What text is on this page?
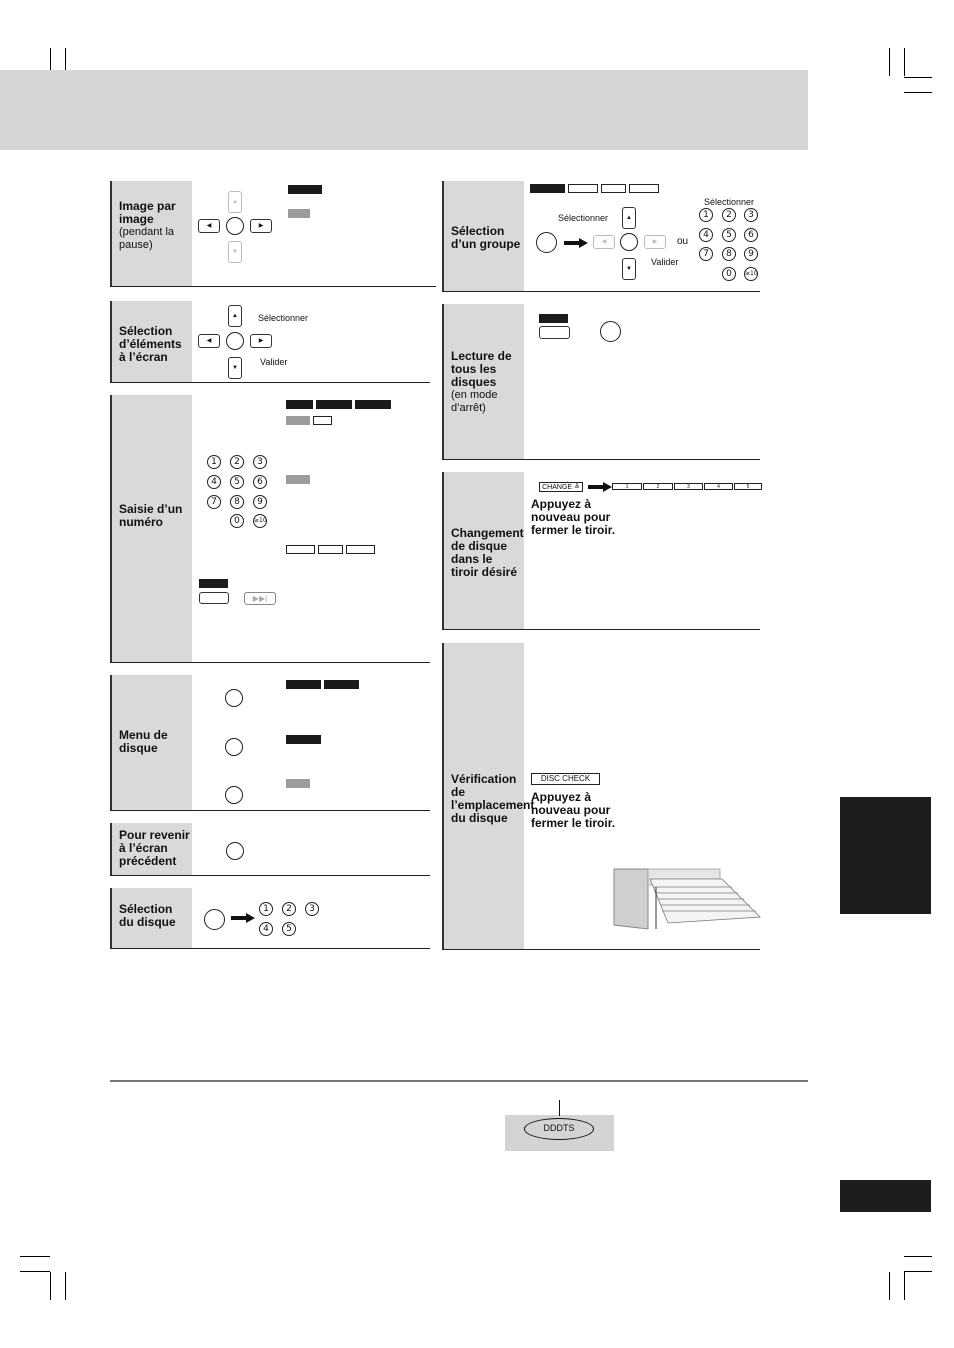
Image par image
(pendant la pause)
▲
◀	▶
▼
Sélection d’éléments à l’écran
▲
◀	▶
▼
Sélectionner
Valider
Saisie d’un numéro
1	2	3
4	5	6
7	8	9
0	≥10
▶▶|
Menu de disque
Pour revenir à l’écran précédent
Sélection du disque
1	2	3
4	5
Sélection d’un groupe
▲
◀	▶
▼
Sélectionner
Valider
ou
Sélectionner
1	2	3
4	5	6
7	8	9
0	≥10
Lecture de tous les disques
(en mode d’arrêt)
Changement de disque dans le tiroir désiré
CHANGE ≜	1	2	3	4	5
Appuyez à nouveau pour fermer le tiroir.
Vérification de l’emplacement du disque
DISC CHECK
Appuyez à nouveau pour fermer le tiroir.
DDDTS
